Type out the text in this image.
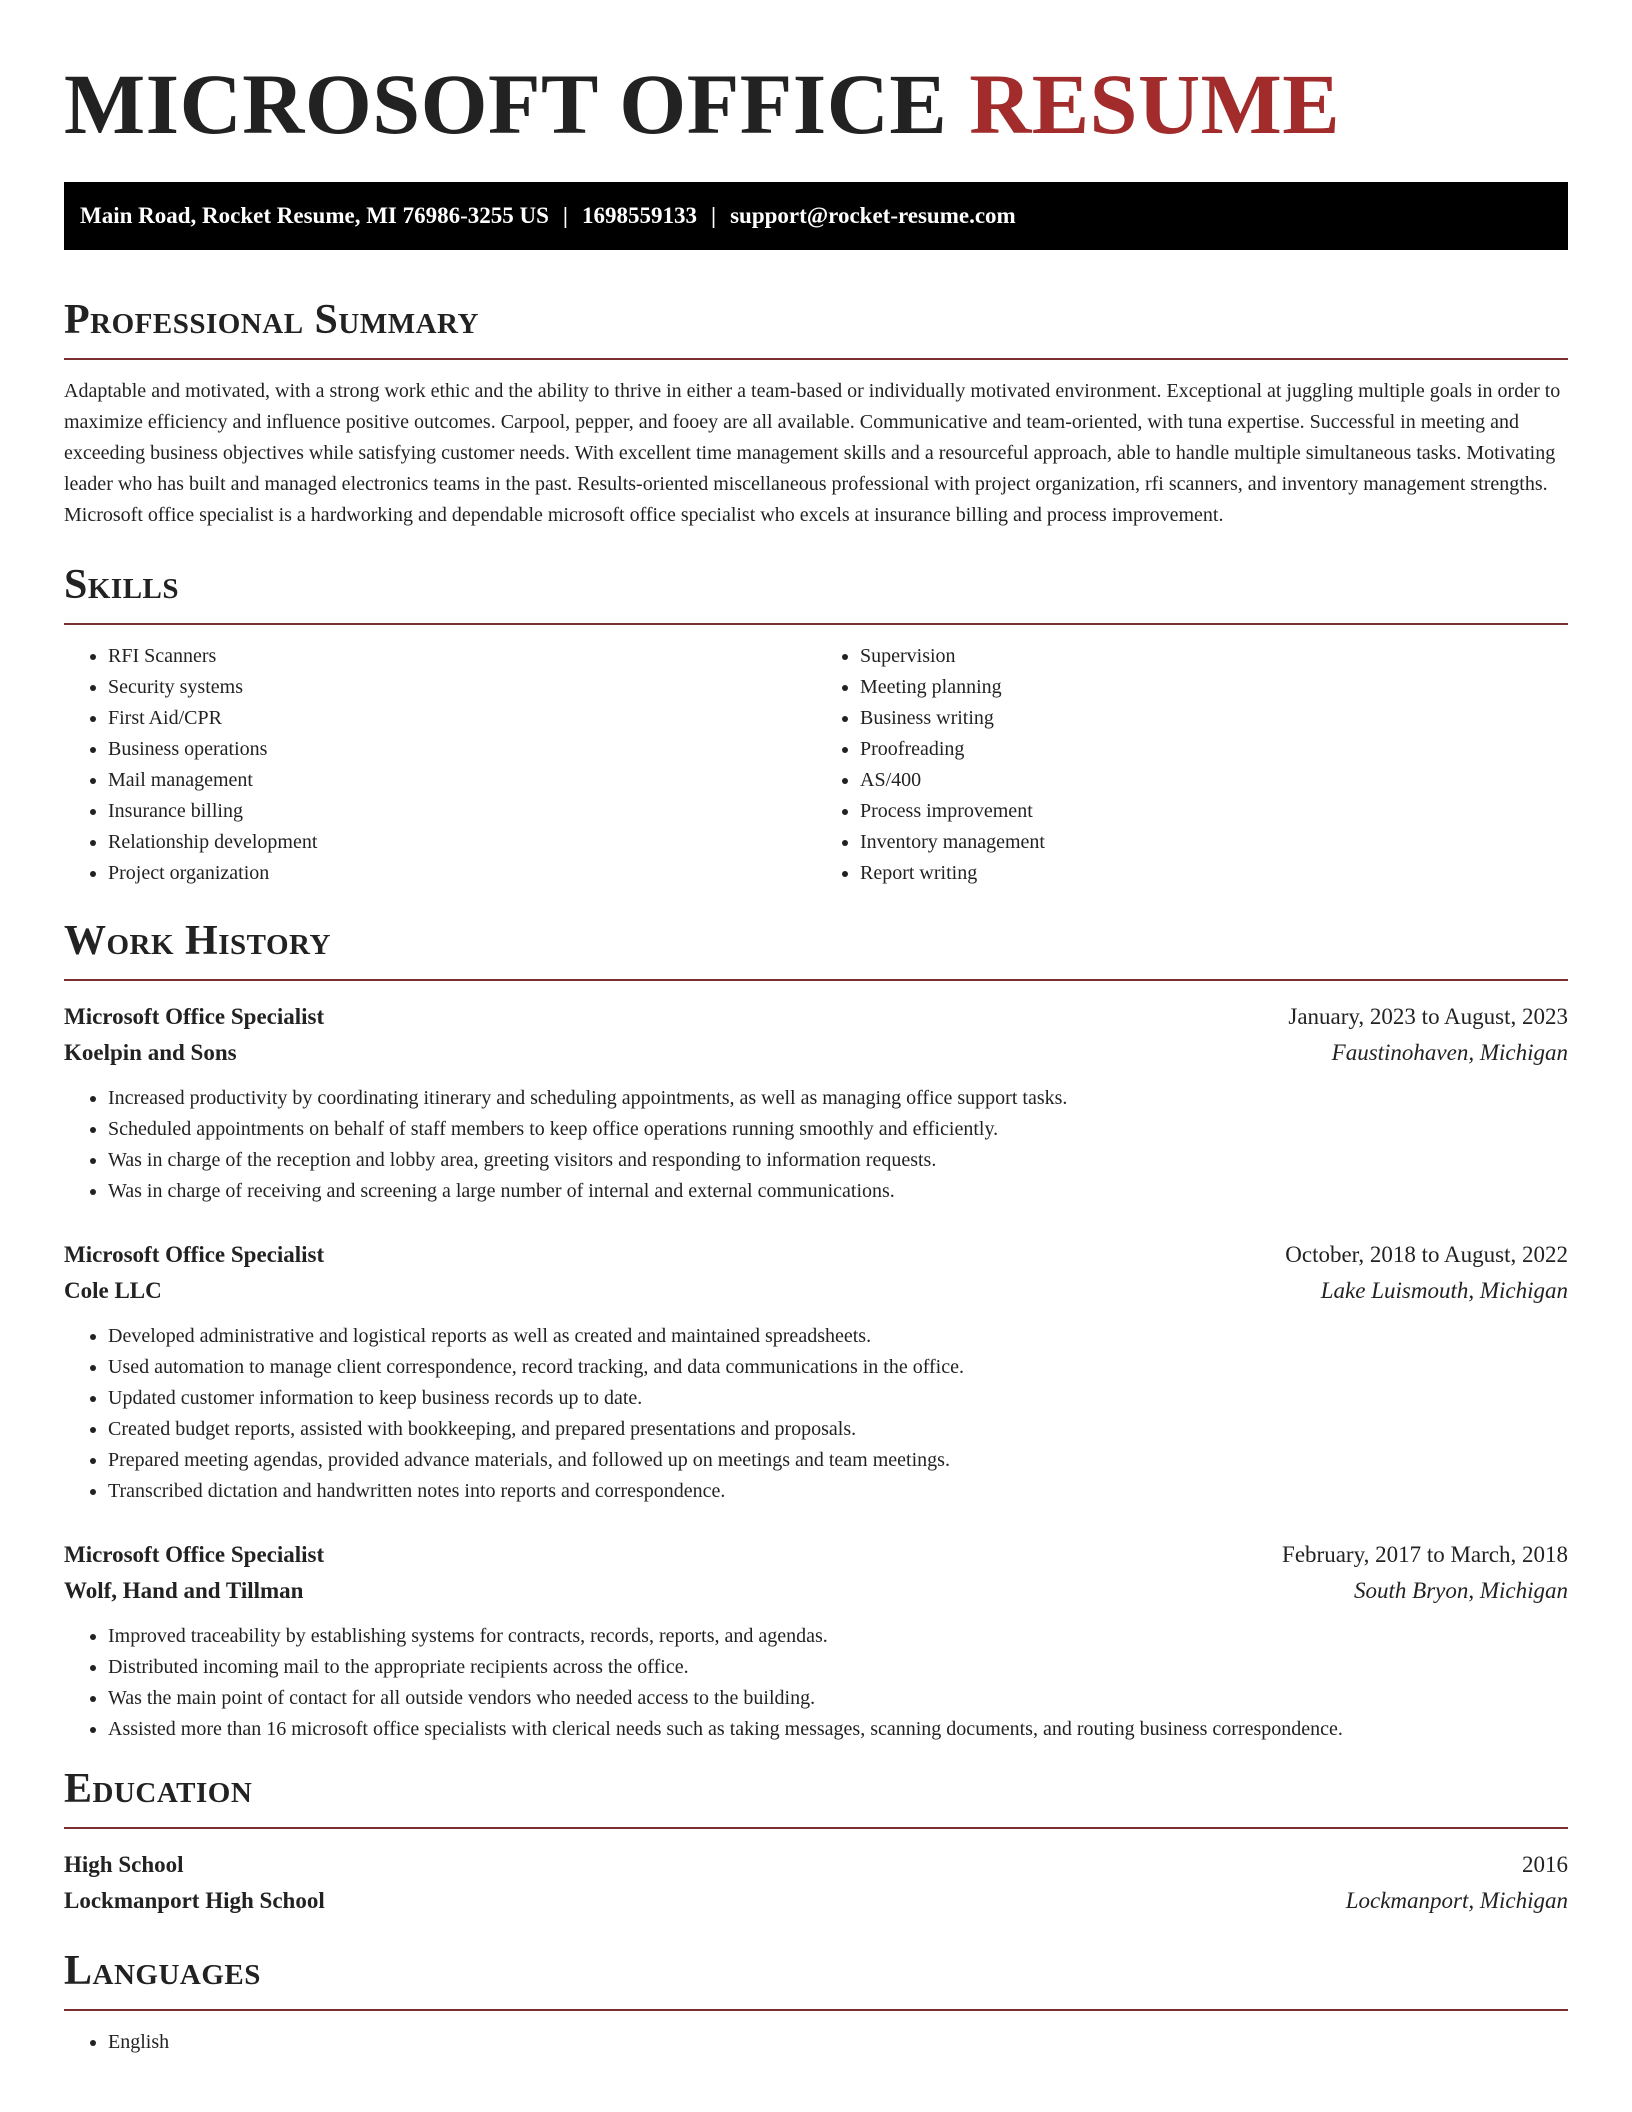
MICROSOFT OFFICE RESUME
Main Road, Rocket Resume, MI 76986-3255 US | 1698559133 | support@rocket-resume.com
Professional Summary

Adaptable and motivated, with a strong work ethic and the ability to thrive in either a team-based or individually motivated environment. Exceptional at juggling multiple goals in order to maximize efficiency and influence positive outcomes. Carpool, pepper, and fooey are all available. Communicative and team-oriented, with tuna expertise. Successful in meeting and exceeding business objectives while satisfying customer needs. With excellent time management skills and a resourceful approach, able to handle multiple simultaneous tasks. Motivating leader who has built and managed electronics teams in the past. Results-oriented miscellaneous professional with project organization, rfi scanners, and inventory management strengths. Microsoft office specialist is a hardworking and dependable microsoft office specialist who excels at insurance billing and process improvement.

Skills
• RFI Scanners
• Security systems
• First Aid/CPR
• Business operations
• Mail management
• Insurance billing
• Relationship development
• Project organization
• Supervision
• Meeting planning
• Business writing
• Proofreading
• AS/400
• Process improvement
• Inventory management
• Report writing
Work History
Microsoft Office Specialist	January, 2023 to August, 2023
Koelpin and Sons	Faustinohaven, Michigan
• Increased productivity by coordinating itinerary and scheduling appointments, as well as managing office support tasks.
• Scheduled appointments on behalf of staff members to keep office operations running smoothly and efficiently.
• Was in charge of the reception and lobby area, greeting visitors and responding to information requests.
• Was in charge of receiving and screening a large number of internal and external communications.
Microsoft Office Specialist	October, 2018 to August, 2022
Cole LLC	Lake Luismouth, Michigan
• Developed administrative and logistical reports as well as created and maintained spreadsheets.
• Used automation to manage client correspondence, record tracking, and data communications in the office.
• Updated customer information to keep business records up to date.
• Created budget reports, assisted with bookkeeping, and prepared presentations and proposals.
• Prepared meeting agendas, provided advance materials, and followed up on meetings and team meetings.
• Transcribed dictation and handwritten notes into reports and correspondence.
Microsoft Office Specialist	February, 2017 to March, 2018
Wolf, Hand and Tillman	South Bryon, Michigan
• Improved traceability by establishing systems for contracts, records, reports, and agendas.
• Distributed incoming mail to the appropriate recipients across the office.
• Was the main point of contact for all outside vendors who needed access to the building.
• Assisted more than 16 microsoft office specialists with clerical needs such as taking messages, scanning documents, and routing business correspondence.
Education
High School	2016
Lockmanport High School	Lockmanport, Michigan
Languages
• English
